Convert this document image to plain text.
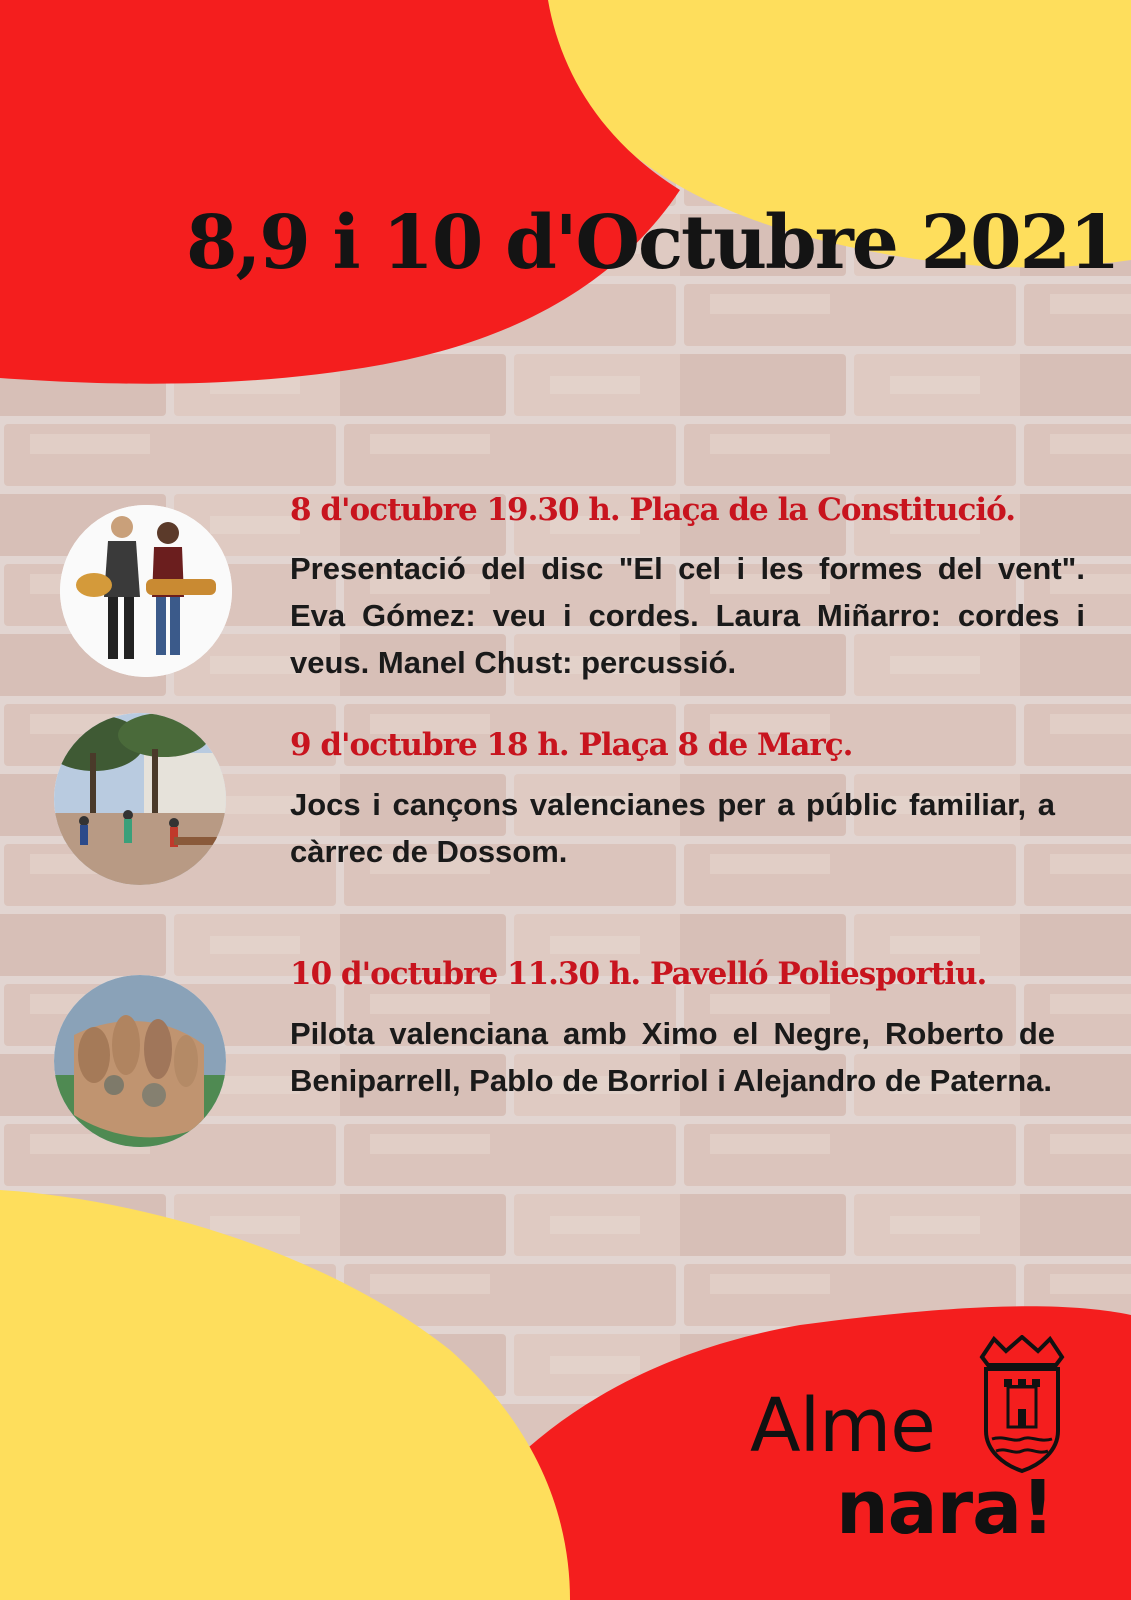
8,9 i 10 d'Octubre 2021

8 d'octubre 19.30 h. Plaça de la Constitució.

Presentació del disc "El cel i les formes del vent". Eva Gómez: veu i cordes. Laura Miñarro: cordes i veus. Manel Chust: percussió.

9 d'octubre 18 h. Plaça 8 de Març.

Jocs i cançons valencianes per a públic familiar, a càrrec de Dossom.

10 d'octubre 11.30 h. Pavelló Poliesportiu.

Pilota valenciana amb Ximo el Negre, Roberto de Beniparrell, Pablo de Borriol i Alejandro de Paterna.

Alme

nara!
